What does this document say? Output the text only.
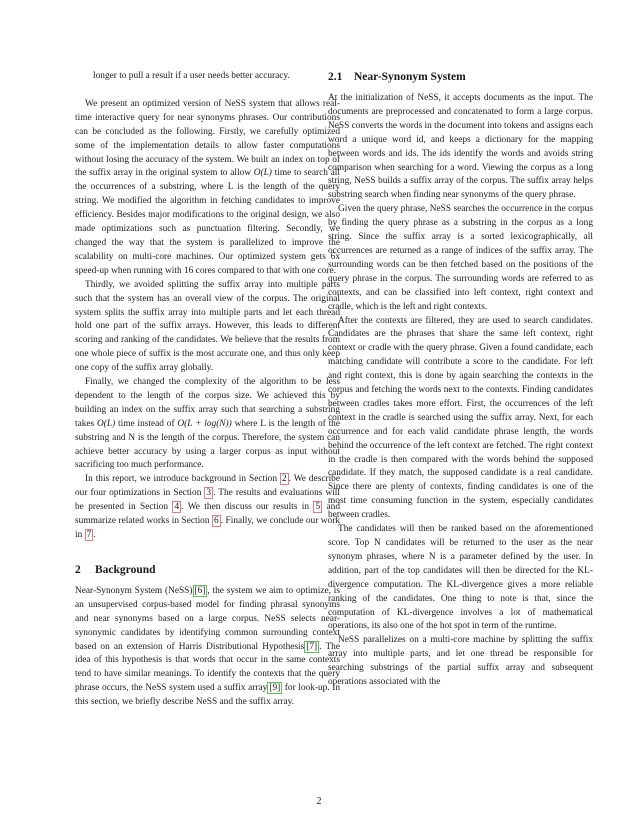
longer to pull a result if a user needs better accuracy.

We present an optimized version of NeSS system that allows real-time interactive query for near synonyms phrases. Our contributions can be concluded as the following. Firstly, we carefully optimized some of the implementation details to allow faster computations without losing the accuracy of the system. We built an index on top of the suffix array in the original system to allow O(L) time to search all the occurrences of a substring, where L is the length of the query string. We modified the algorithm in fetching candidates to improve efficiency. Besides major modifications to the original design, we also made optimizations such as punctuation filtering. Secondly, we changed the way that the system is parallelized to improve the scalability on multi-core machines. Our optimized system gets 6x speed-up when running with 16 cores compared to that with one core.

Thirdly, we avoided splitting the suffix array into multiple parts such that the system has an overall view of the corpus. The original system splits the suffix array into multiple parts and let each thread hold one part of the suffix arrays. However, this leads to different scoring and ranking of the candidates. We believe that the results from one whole piece of suffix is the most accurate one, and thus only keep one copy of the suffix array globally.

Finally, we changed the complexity of the algorithm to be less dependent to the length of the corpus size. We achieved this by building an index on the suffix array such that searching a substring takes O(L) time instead of O(L + log(N)) where L is the length of the substring and N is the length of the corpus. Therefore, the system can achieve better accuracy by using a larger corpus as input without sacrificing too much performance.

In this report, we introduce background in Section 2 . We describe our four optimizations in Section 3 . The results and evaluations will be presented in Section 4 . We then discuss our results in 5 and summarize related works in Section 6 . Finally, we conclude our work in 7 .

2 Background

Near-Synonym System (NeSS) [6] , the system we aim to optimize, is an unsupervised corpus-based model for finding phrasal synonyms and near synonyms based on a large corpus. NeSS selects near-synonymic candidates by identifying common surrounding context based on an extension of Harris Distributional Hypothesis [7] . The idea of this hypothesis is that words that occur in the same contexts tend to have similar meanings. To identify the contexts that the query phrase occurs, the NeSS system used a suffix array [9] for look-up. In this section, we briefly describe NeSS and the suffix array.

2.1 Near-Synonym System

At the initialization of NeSS, it accepts documents as the input. The documents are preprocessed and concatenated to form a large corpus. NeSS converts the words in the document into tokens and assigns each word a unique word id, and keeps a dictionary for the mapping between words and ids. The ids identify the words and avoids string comparison when searching for a word. Viewing the corpus as a long string, NeSS builds a suffix array of the corpus. The suffix array helps substring search when finding near synonyms of the query phrase.

Given the query phrase, NeSS searches the occurrence in the corpus by finding the query phrase as a substring in the corpus as a long string. Since the suffix array is a sorted lexicographically, all occurrences are returned as a range of indices of the suffix array. The surrounding words can be then fetched based on the positions of the query phrase in the corpus. The surrounding words are referred to as contexts, and can be classified into left context, right context and cradle, which is the left and right contexts.

After the contexts are filtered, they are used to search candidates. Candidates are the phrases that share the same left context, right context or cradle with the query phrase. Given a found candidate, each matching candidate will contribute a score to the candidate. For left and right context, this is done by again searching the contexts in the corpus and fetching the words next to the contexts. Finding candidates between cradles takes more effort. First, the occurrences of the left context in the cradle is searched using the suffix array. Next, for each occurrence and for each valid candidate phrase length, the words behind the occurrence of the left context are fetched. The right context in the cradle is then compared with the words behind the supposed candidate. If they match, the supposed candidate is a real candidate. Since there are plenty of contexts, finding candidates is one of the most time consuming function in the system, especially candidates between cradles.

The candidates will then be ranked based on the aforementioned score. Top N candidates will be returned to the user as the near synonym phrases, where N is a parameter defined by the user. In addition, part of the top candidates will then be directed for the KL-divergence computation. The KL-divergence gives a more reliable ranking of the candidates. One thing to note is that, since the computation of KL-divergence involves a lot of mathematical operations, its also one of the hot spot in term of the runtime.

NeSS parallelizes on a multi-core machine by splitting the suffix array into multiple parts, and let one thread be responsible for searching substrings of the partial suffix array and subsequent operations associated with the

2
